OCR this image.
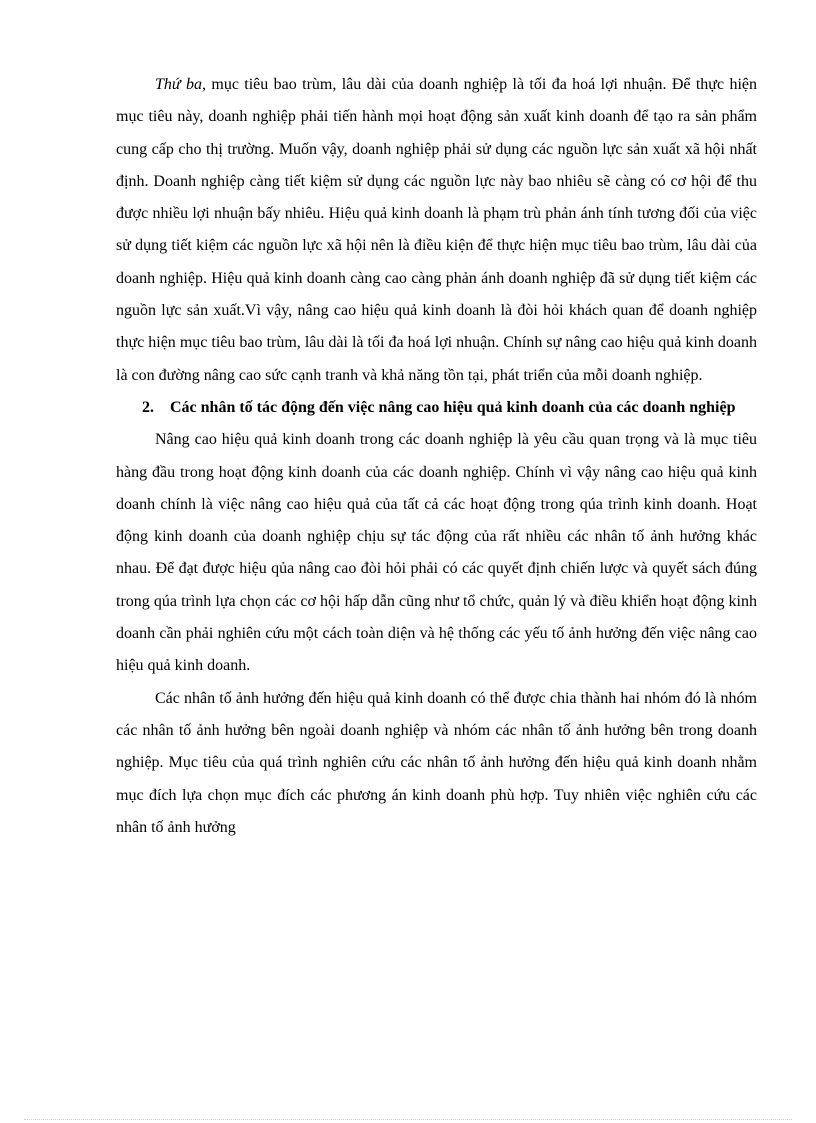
Thứ ba, mục tiêu bao trùm, lâu dài của doanh nghiệp là tối đa hoá lợi nhuận. Để thực hiện mục tiêu này, doanh nghiệp phải tiến hành mọi hoạt động sản xuất kinh doanh để tạo ra sản phẩm cung cấp cho thị trường. Muốn vậy, doanh nghiệp phải sử dụng các nguồn lực sản xuất xã hội nhất định. Doanh nghiệp càng tiết kiệm sử dụng các nguồn lực này bao nhiêu sẽ càng có cơ hội để thu được nhiều lợi nhuận bấy nhiêu. Hiệu quả kinh doanh là phạm trù phản ánh tính tương đối của việc sử dụng tiết kiệm các nguồn lực xã hội nên là điều kiện để thực hiện mục tiêu bao trùm, lâu dài của doanh nghiệp. Hiệu quả kinh doanh càng cao càng phản ánh doanh nghiệp đã sử dụng tiết kiệm các nguồn lực sản xuất.Vì vậy, nâng cao hiệu quả kinh doanh là đòi hỏi khách quan để doanh nghiệp thực hiện mục tiêu bao trùm, lâu dài là tối đa hoá lợi nhuận. Chính sự nâng cao hiệu quả kinh doanh là con đường nâng cao sức cạnh tranh và khả năng tồn tại, phát triển của mỗi doanh nghiệp.

2. Các nhân tố tác động đến việc nâng cao hiệu quả kinh doanh của các doanh nghiệp

Nâng cao hiệu quả kinh doanh trong các doanh nghiệp là yêu cầu quan trọng và là mục tiêu hàng đầu trong hoạt động kinh doanh của các doanh nghiệp. Chính vì vậy nâng cao hiệu quả kinh doanh chính là việc nâng cao hiệu quả của tất cả các hoạt động trong qúa trình kinh doanh. Hoạt động kinh doanh của doanh nghiệp chịu sự tác động của rất nhiều các nhân tố ảnh hưởng khác nhau. Để đạt được hiệu qủa nâng cao đòi hỏi phải có các quyết định chiến lược và quyết sách đúng trong qúa trình lựa chọn các cơ hội hấp dẫn cũng như tổ chức, quản lý và điều khiển hoạt động kinh doanh cần phải nghiên cứu một cách toàn diện và hệ thống các yếu tố ảnh hưởng đến việc nâng cao hiệu quả kinh doanh.

Các nhân tố ảnh hưởng đến hiệu quả kinh doanh có thể được chia thành hai nhóm đó là nhóm các nhân tố ảnh hưởng bên ngoài doanh nghiệp và nhóm các nhân tố ảnh hưởng bên trong doanh nghiệp. Mục tiêu của quá trình nghiên cứu các nhân tố ảnh hưởng đến hiệu quả kinh doanh nhằm mục đích lựa chọn mục đích các phương án kinh doanh phù hợp. Tuy nhiên việc nghiên cứu các nhân tố ảnh hưởng
